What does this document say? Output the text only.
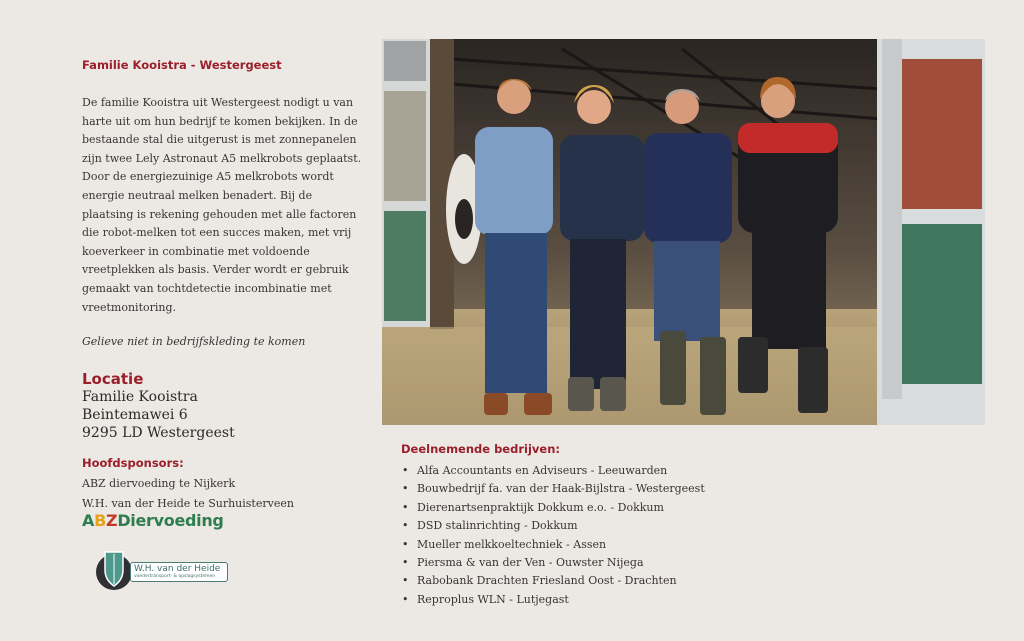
Familie Kooistra - Westergeest

De familie Kooistra uit Westergeest nodigt u van harte uit om hun bedrijf te komen bekijken. In de bestaande stal die uitgerust is met zonnepanelen zijn twee Lely Astronaut A5 melkrobots geplaatst. Door de energiezuinige A5 melkrobots wordt energie neutraal melken benadert. Bij de plaatsing is rekening gehouden met alle factoren die robot-melken tot een succes maken, met vrij koeverkeer in combinatie met voldoende vreetplekken als basis. Verder wordt er gebruik gemaakt van tochtdetectie incombinatie met vreetmonitoring.

Gelieve niet in bedrijfskleding te komen

Locatie
Familie Kooistra
Beintemawei 6
9295 LD Westergeest
Hoofdsponsors:
ABZ diervoeding te Nijkerk
W.H. van der Heide te Surhuisterveen
A B Z Diervoeding
W.H. van der Heide
voedertransport- & opslagsystemen
Deelnemende bedrijven:
• Alfa Accountants en Adviseurs - Leeuwarden
• Bouwbedrijf fa. van der Haak-Bijlstra - Westergeest
• Dierenartsenpraktijk Dokkum e.o. - Dokkum
• DSD stalinrichting - Dokkum
• Mueller melkkoeltechniek - Assen
• Piersma & van der Ven - Ouwster Nijega
• Rabobank Drachten Friesland Oost - Drachten
• Reproplus WLN - Lutjegast
